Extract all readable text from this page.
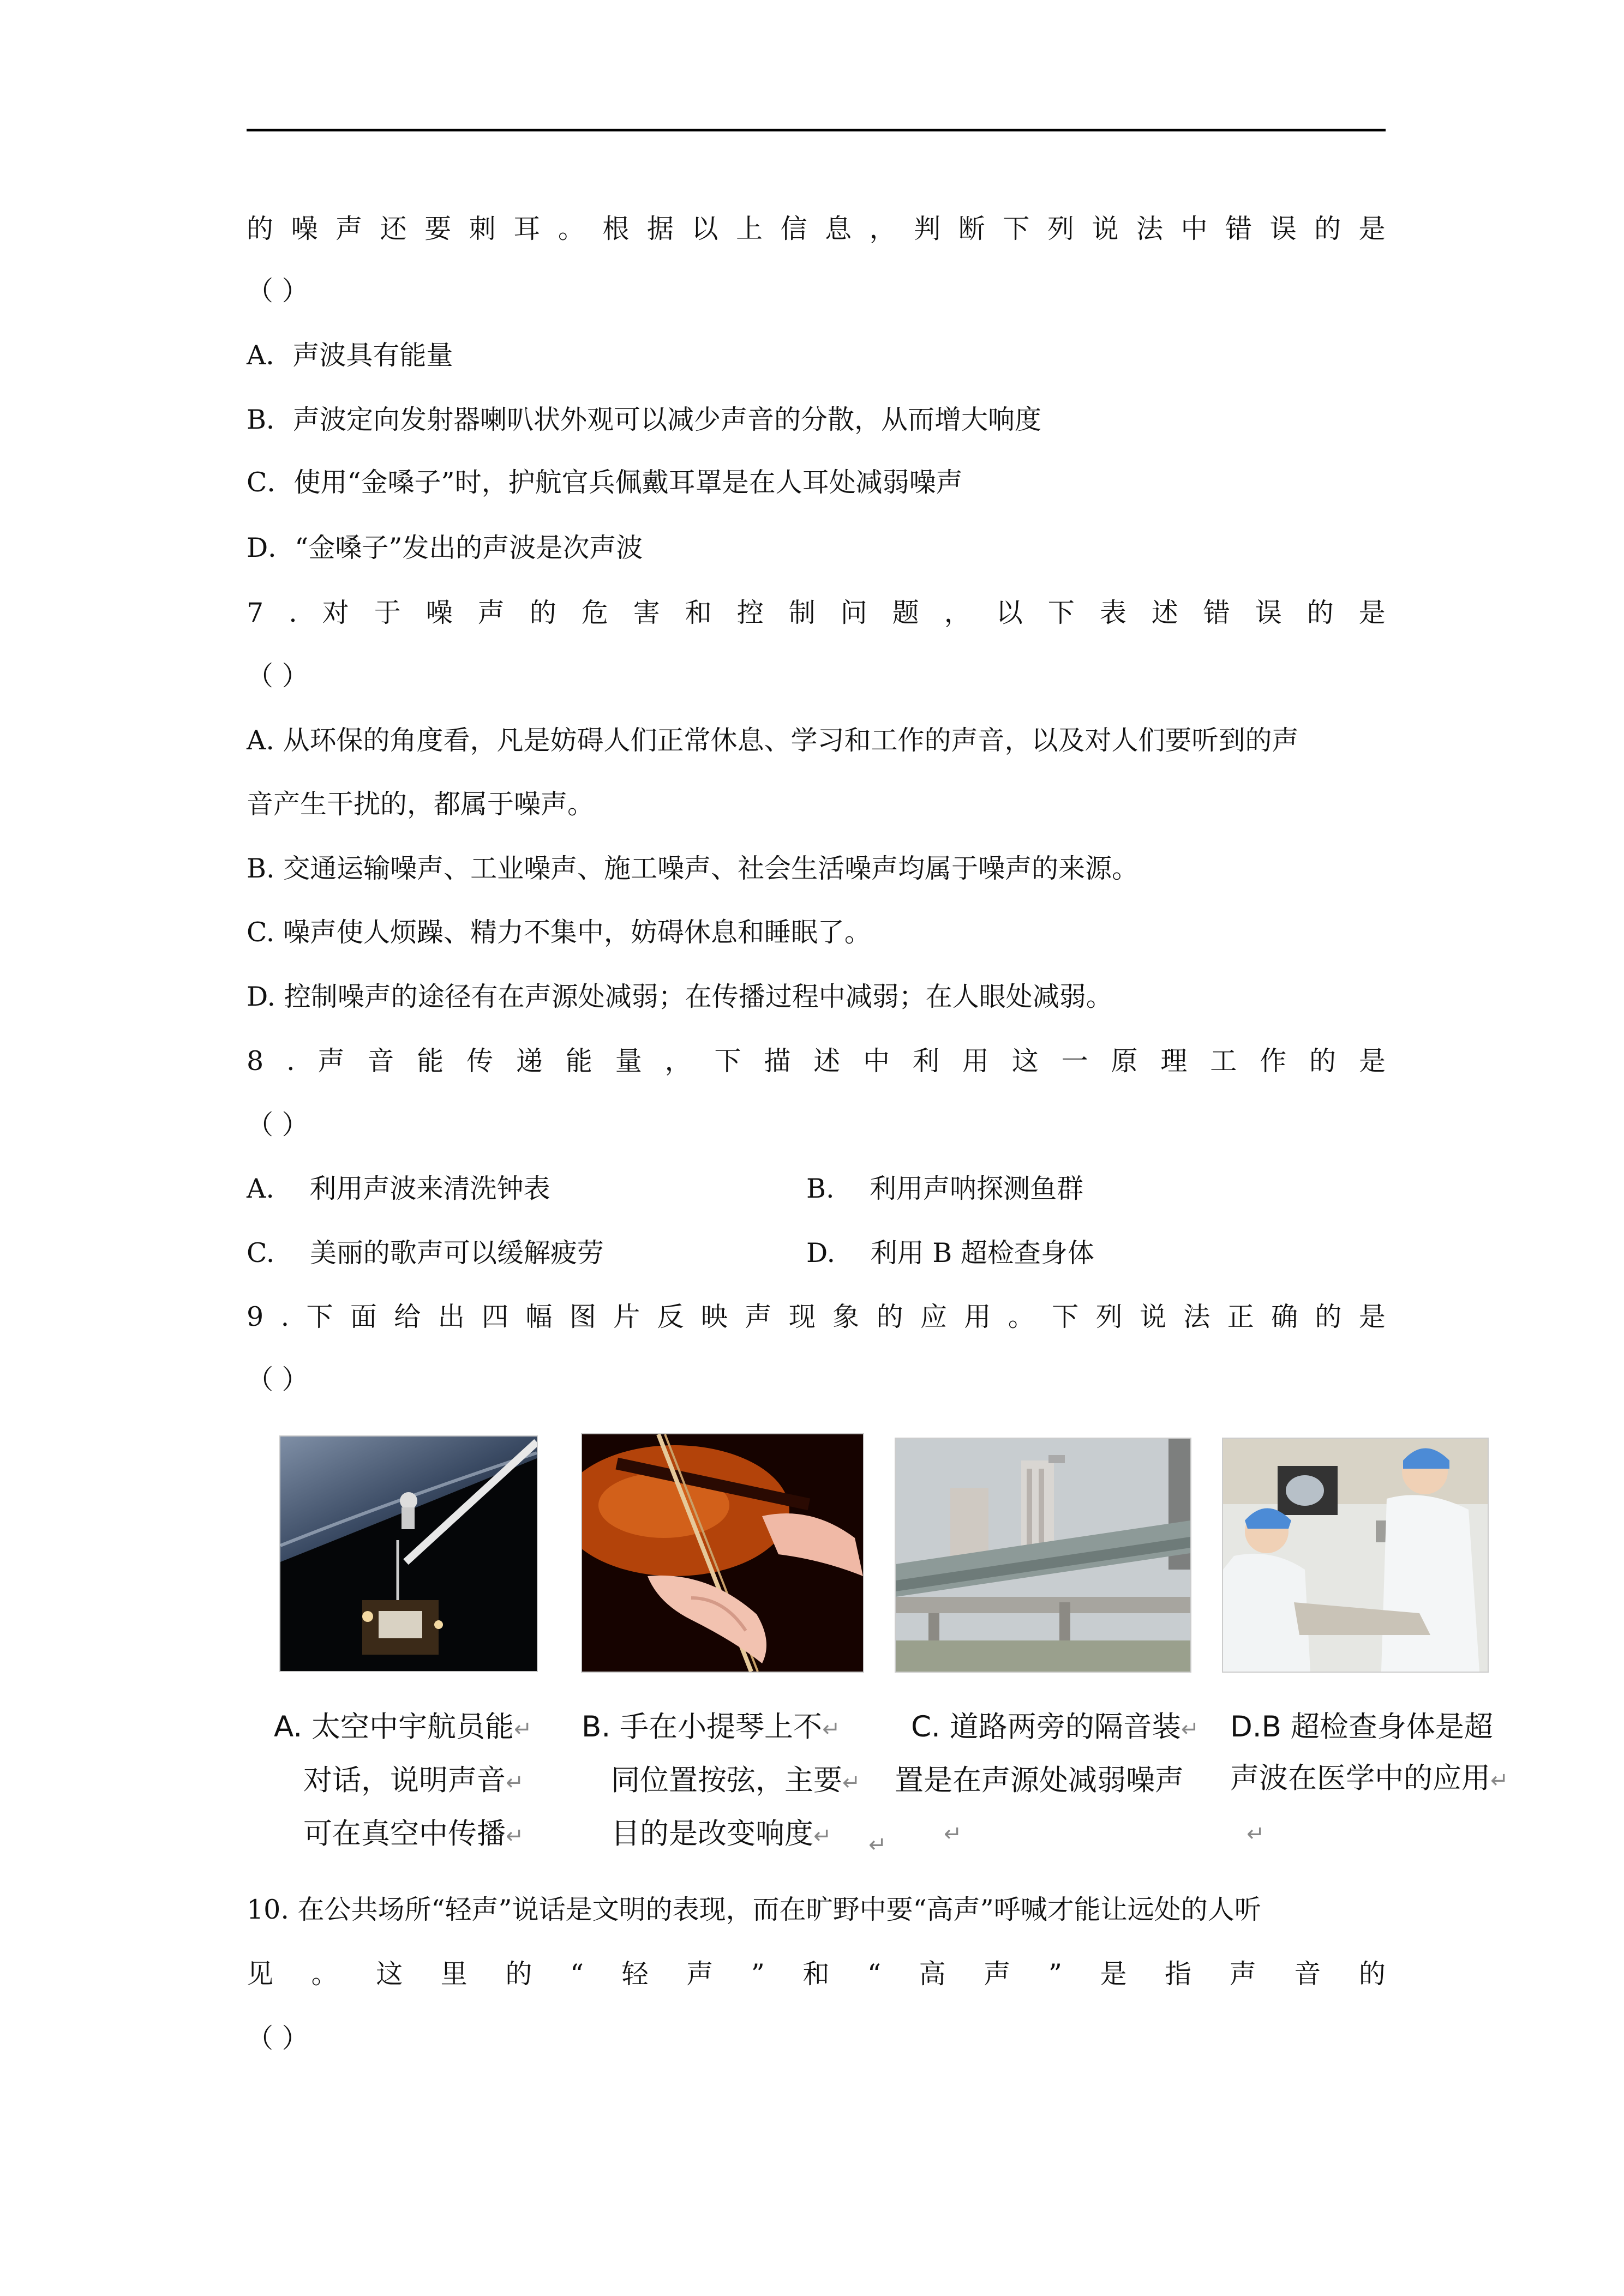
的 噪 声 还 要 刺 耳 。 根 据 以 上 信 息 ， 判 断 下 列 说 法 中 错 误 的 是
（ ）
A．声波具有能量
B．声波定向发射器喇叭状外观可以减少声音的分散，从而增大响度
C．使用“金嗓子”时，护航官兵佩戴耳罩是在人耳处减弱噪声
D．“金嗓子”发出的声波是次声波
7 . 对 于 噪 声 的 危 害 和 控 制 问 题 ， 以 下 表 述 错 误 的 是
（ ）
A. 从环保的角度看，凡是妨碍人们正常休息、学习和工作的声音，以及对人们要听到的声
音产生干扰的，都属于噪声。
B. 交通运输噪声、工业噪声、施工噪声、社会生活噪声均属于噪声的来源。
C. 噪声使人烦躁、精力不集中，妨碍休息和睡眠了。
D. 控制噪声的途径有在声源处减弱；在传播过程中减弱；在人眼处减弱。
8 . 声 音 能 传 递 能 量 ， 下 描 述 中 利 用 这 一 原 理 工 作 的 是
（ ）
A.　 利用声波来清洗钟表	B.　 利用声呐探测鱼群
C.　 美丽的歌声可以缓解疲劳	D.　 利用 B 超检查身体
9 . 下 面 给 出 四 幅 图 片 反 映 声 现 象 的 应 用 。 下 列 说 法 正 确 的 是
（ ）
A. 太空中宇航员能↵
对话，说明声音↵
可在真空中传播↵
B. 手在小提琴上不↵
同位置按弦，主要↵
目的是改变响度↵	↵
C. 道路两旁的隔音装↵
置是在声源处减弱噪声
↵
D.B 超检查身体是超
声波在医学中的应用↵
↵
10. 在公共场所“轻声”说话是文明的表现，而在旷野中要“高声”呼喊才能让远处的人听
见 。 这 里 的 “ 轻 声 ” 和 “ 高 声 ” 是 指 声 音 的
（ ）
